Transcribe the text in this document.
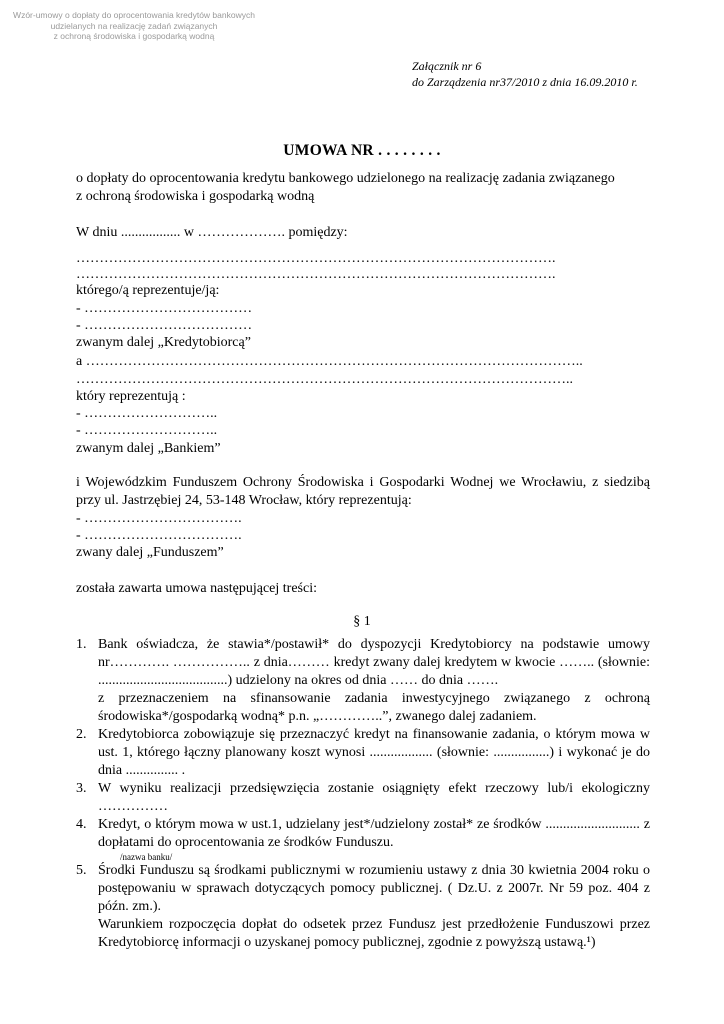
Wzór-umowy o dopłaty do oprocentowania kredytów bankowych
udzielanych na realizację zadań związanych
z ochroną środowiska i gospodarką wodną
Załącznik nr 6
do Zarządzenia nr37/2010 z dnia 16.09.2010 r.
UMOWA NR . . . . . . . .
o dopłaty do oprocentowania kredytu bankowego udzielonego na realizację zadania związanego
z ochroną środowiska i gospodarką wodną
W dniu ................. w ………………. pomiędzy:
………………………………………………………………………………………….
………………………………………………………………………………………….
którego/ą reprezentuje/ją:
- ………………………………
- ………………………………
zwanym dalej „Kredytobiorcą”
a ……………………………………………………………………………………………..
……………………………………………………………………………………………..
który reprezentują :
- ………………………..
- ………………………..
zwanym dalej „Bankiem”
i Wojewódzkim Funduszem Ochrony Środowiska i Gospodarki Wodnej we Wrocławiu, z siedzibą przy ul. Jastrzębiej 24, 53-148 Wrocław, który reprezentują:
- …………………………….
- …………………………….
zwany dalej „Funduszem”
została zawarta umowa następującej treści:
§ 1
1. Bank oświadcza, że stawia*/postawił* do dyspozycji Kredytobiorcy na podstawie umowy nr…………. …………….. z dnia……… kredyt zwany dalej kredytem w kwocie …….. (słownie: .....................................) udzielony na okres od dnia …… do dnia …….

z przeznaczeniem na sfinansowanie zadania inwestycyjnego związanego z ochroną środowiska*/gospodarką wodną* p.n. „…………..”, zwanego dalej zadaniem.

2. Kredytobiorca zobowiązuje się przeznaczyć kredyt na finansowanie zadania, o którym mowa w ust. 1, którego łączny planowany koszt wynosi .................. (słownie: ................) i wykonać je do dnia ............... .

3. W wyniku realizacji przedsięwzięcia zostanie osiągnięty efekt rzeczowy lub/i ekologiczny ……………

4. Kredyt, o którym mowa w ust.1, udzielany jest*/udzielony został* ze środków ........................... z dopłatami do oprocentowania ze środków Funduszu.

/nazwa banku/

5. Środki Funduszu są środkami publicznymi w rozumieniu ustawy z dnia 30 kwietnia 2004 roku o postępowaniu w sprawach dotyczących pomocy publicznej. ( Dz.U. z 2007r. Nr 59 poz. 404 z późn. zm.).

Warunkiem rozpoczęcia dopłat do odsetek przez Fundusz jest przedłożenie Funduszowi przez Kredytobiorcę informacji o uzyskanej pomocy publicznej, zgodnie z powyższą ustawą.¹)
